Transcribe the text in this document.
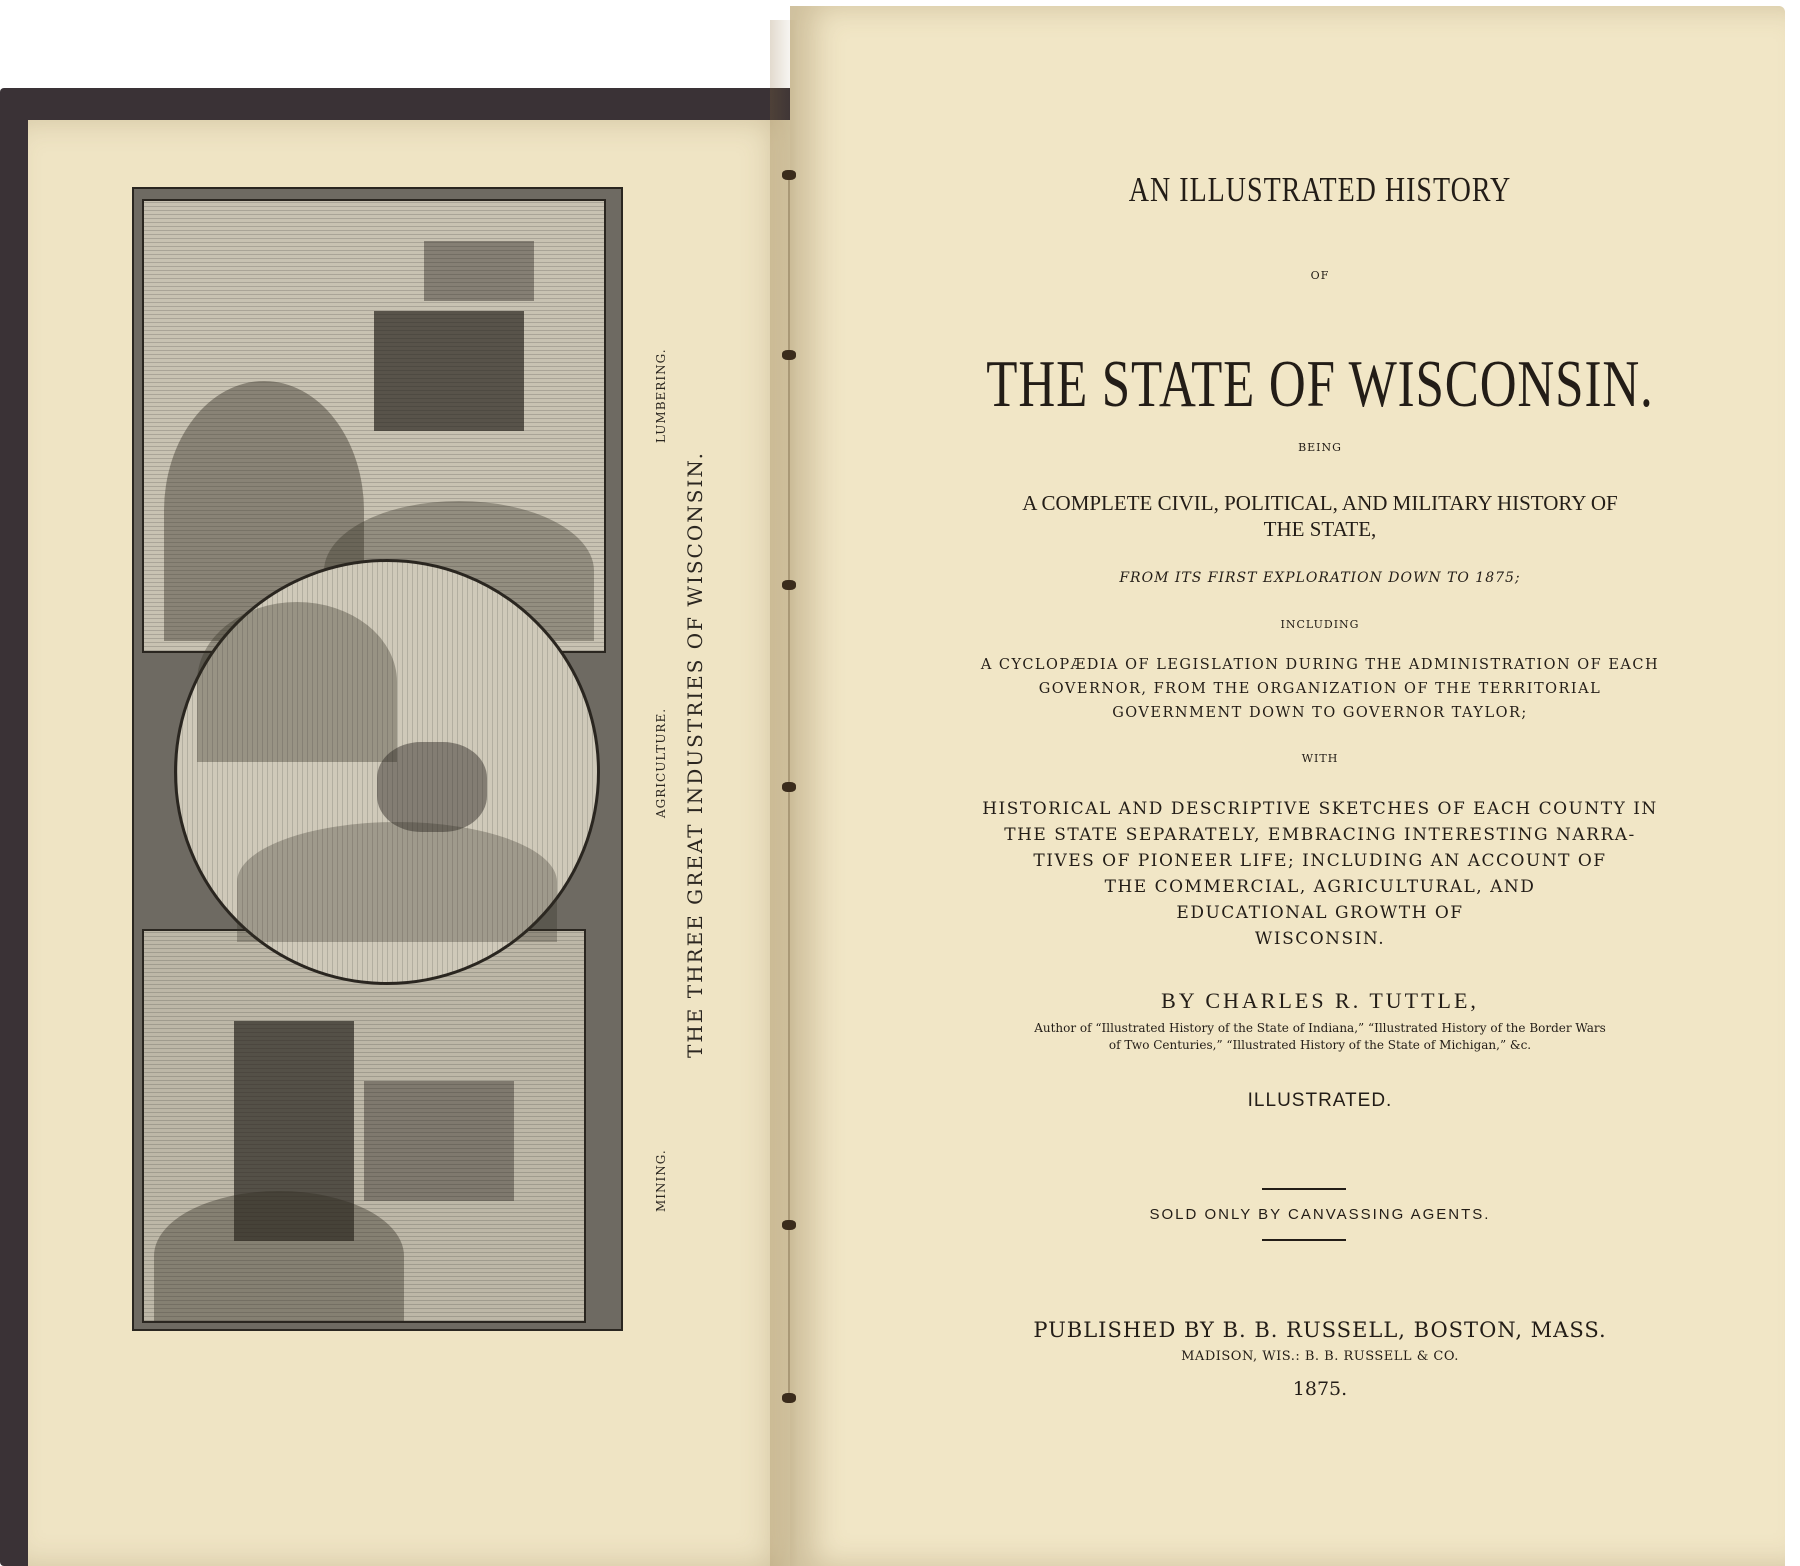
THE THREE GREAT INDUSTRIES OF WISCONSIN.
MINING.
AGRICULTURE.
LUMBERING.
AN ILLUSTRATED HISTORY
OF
THE STATE OF WISCONSIN.
BEING
A COMPLETE CIVIL, POLITICAL, AND MILITARY HISTORY OF
THE STATE,
FROM ITS FIRST EXPLORATION DOWN TO 1875;
INCLUDING
A CYCLOPÆDIA OF LEGISLATION DURING THE ADMINISTRATION OF EACH
GOVERNOR, FROM THE ORGANIZATION OF THE TERRITORIAL
GOVERNMENT DOWN TO GOVERNOR TAYLOR;
WITH
HISTORICAL AND DESCRIPTIVE SKETCHES OF EACH COUNTY IN
THE STATE SEPARATELY, EMBRACING INTERESTING NARRA-
TIVES OF PIONEER LIFE; INCLUDING AN ACCOUNT OF
THE COMMERCIAL, AGRICULTURAL, AND
EDUCATIONAL GROWTH OF
WISCONSIN.
BY CHARLES R. TUTTLE,
Author of “Illustrated History of the State of Indiana,” “Illustrated History of the Border Wars
of Two Centuries,” “Illustrated History of the State of Michigan,” &c.
ILLUSTRATED.
SOLD ONLY BY CANVASSING AGENTS.
PUBLISHED BY B. B. RUSSELL, BOSTON, MASS.
MADISON, WIS.: B. B. RUSSELL & CO.
1875.
